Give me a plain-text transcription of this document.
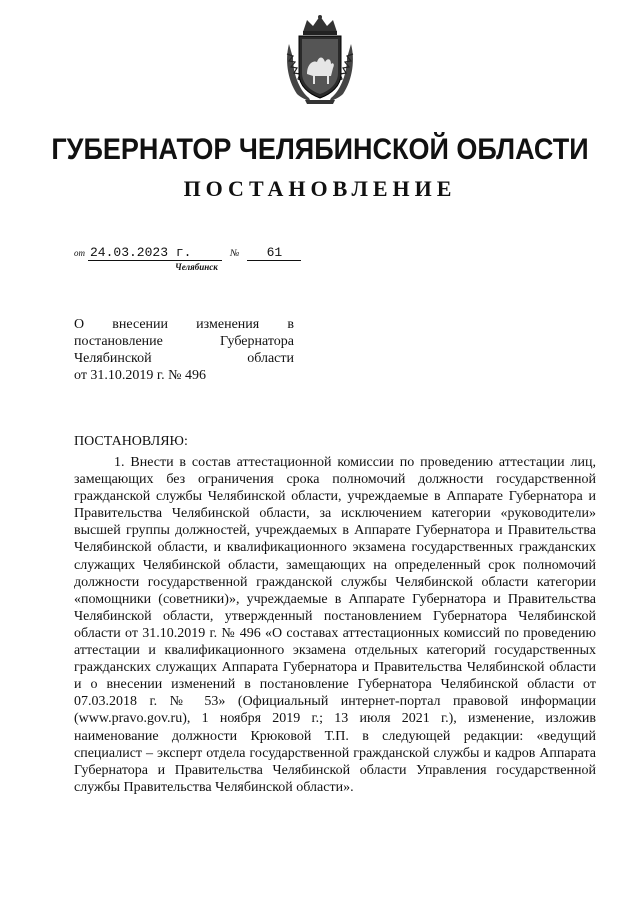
ГУБЕРНАТОР ЧЕЛЯБИНСКОЙ ОБЛАСТИ
ПОСТАНОВЛЕНИЕ
от 24.03.2023 г.	№ 61
Челябинск
О внесении изменения в
постановление Губернатора
Челябинской области
от 31.10.2019 г. № 496
ПОСТАНОВЛЯЮ:

1. Внести в состав аттестационной комиссии по проведению аттестации лиц, замещающих без ограничения срока полномочий должности государственной гражданской службы Челябинской области, учреждаемые в Аппарате Губернатора и Правительства Челябинской области, за исключением категории «руководители» высшей группы должностей, учреждаемых в Аппарате Губернатора и Правительства Челябинской области, и квалификационного экзамена государственных гражданских служащих Челябинской области, замещающих на определенный срок полномочий должности государственной гражданской службы Челябинской области категории «помощники (советники)», учреждаемые в Аппарате Губернатора и Правительства Челябинской области, утвержденный постановлением Губернатора Челябинской области от 31.10.2019 г. № 496 «О составах аттестационных комиссий по проведению аттестации и квалификационного экзамена отдельных категорий государственных гражданских служащих Аппарата Губернатора и Правительства Челябинской области и о внесении изменений в постановление Губернатора Челябинской области от 07.03.2018 г. № 53» (Официальный интернет-портал правовой информации (www.pravo.gov.ru), 1 ноября 2019 г.; 13 июля 2021 г.), изменение, изложив наименование должности Крюковой Т.П. в следующей редакции: «ведущий специалист – эксперт отдела государственной гражданской службы и кадров Аппарата Губернатора и Правительства Челябинской области Управления государственной службы Правительства Челябинской области».
